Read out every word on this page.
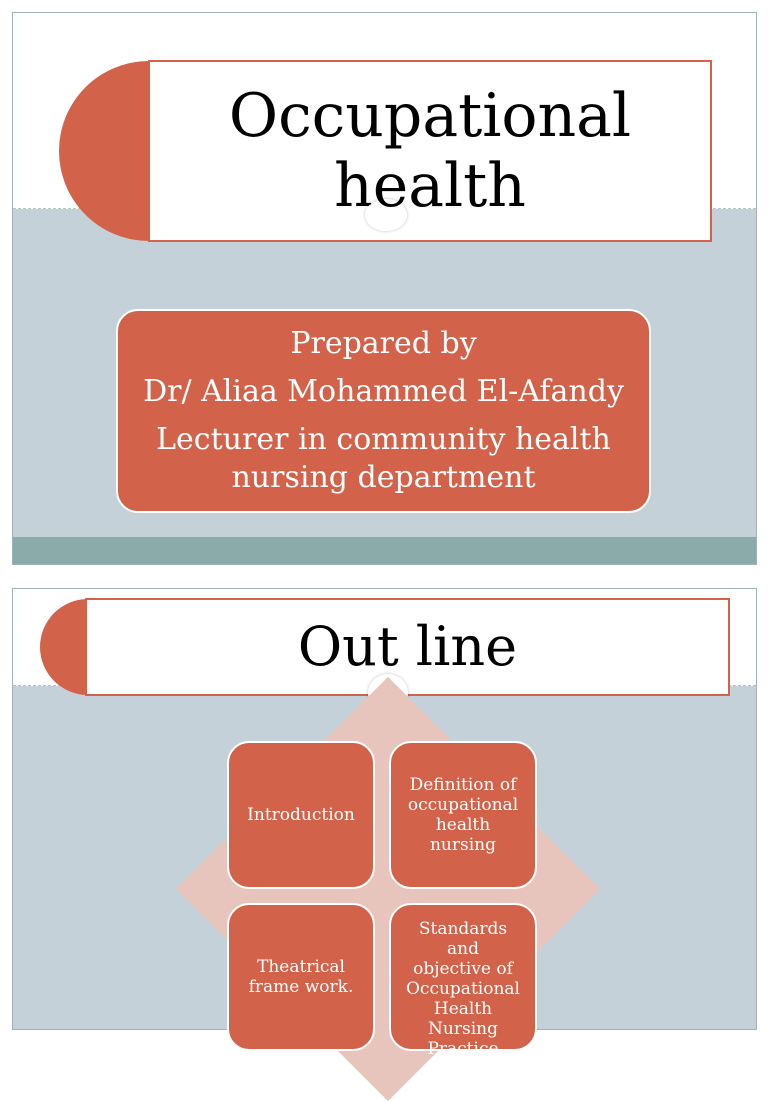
Occupational
health
Prepared by
Dr/ Aliaa Mohammed El-Afandy
Lecturer in community health
nursing department
Out line
Introduction
Definition of
occupational
health nursing
Theatrical
frame work.
Standards and
objective of
Occupational
Health
Nursing
Practice
